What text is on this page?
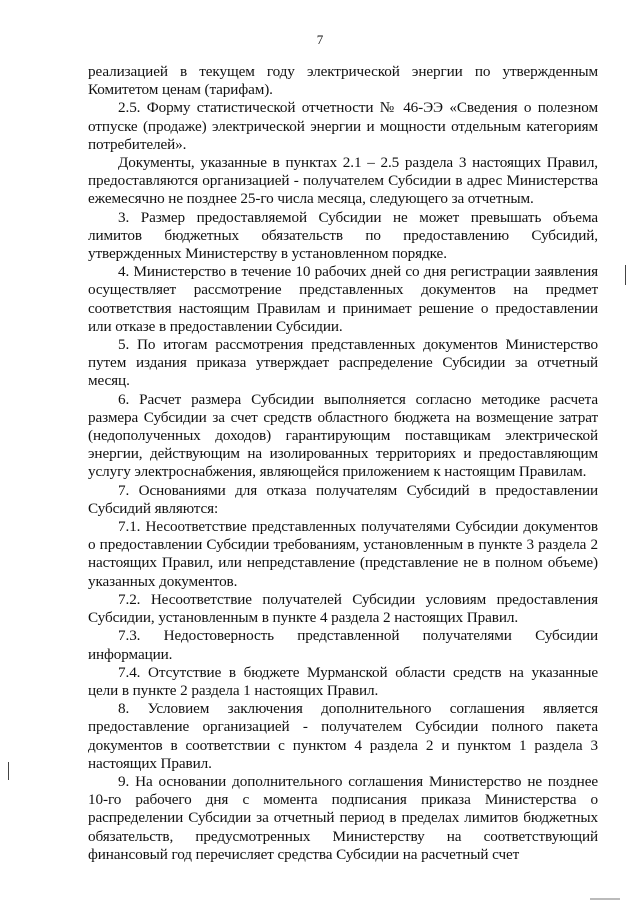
7

реализацией в текущем году электрической энергии по утвержденным Комитетом ценам (тарифам).

2.5. Форму статистической отчетности № 46-ЭЭ «Сведения о полезном отпуске (продаже) электрической энергии и мощности отдельным категориям потребителей».

Документы, указанные в пунктах 2.1 – 2.5 раздела 3 настоящих Правил, предоставляются организацией - получателем Субсидии в адрес Министерства ежемесячно не позднее 25-го числа месяца, следующего за отчетным.

3. Размер предоставляемой Субсидии не может превышать объема лимитов бюджетных обязательств по предоставлению Субсидий, утвержденных Министерству в установленном порядке.

4. Министерство в течение 10 рабочих дней со дня регистрации заявления осуществляет рассмотрение представленных документов на предмет соответствия настоящим Правилам и принимает решение о предоставлении или отказе в предоставлении Субсидии.

5. По итогам рассмотрения представленных документов Министерство путем издания приказа утверждает распределение Субсидии за отчетный месяц.

6. Расчет размера Субсидии выполняется согласно методике расчета размера Субсидии за счет средств областного бюджета на возмещение затрат (недополученных доходов) гарантирующим поставщикам электрической энергии, действующим на изолированных территориях и предоставляющим услугу электроснабжения, являющейся приложением к настоящим Правилам.

7. Основаниями для отказа получателям Субсидий в предоставлении Субсидий являются:

7.1. Несоответствие представленных получателями Субсидии документов о предоставлении Субсидии требованиям, установленным в пункте 3 раздела 2 настоящих Правил, или непредставление (представление не в полном объеме) указанных документов.

7.2. Несоответствие получателей Субсидии условиям предоставления Субсидии, установленным в пункте 4 раздела 2 настоящих Правил.

7.3. Недостоверность представленной получателями Субсидии информации.

7.4. Отсутствие в бюджете Мурманской области средств на указанные цели в пункте 2 раздела 1 настоящих Правил.

8. Условием заключения дополнительного соглашения является предоставление организацией - получателем Субсидии полного пакета документов в соответствии с пунктом 4 раздела 2 и пунктом 1 раздела 3 настоящих Правил.

9. На основании дополнительного соглашения Министерство не позднее 10-го рабочего дня с момента подписания приказа Министерства о распределении Субсидии за отчетный период в пределах лимитов бюджетных обязательств, предусмотренных Министерству на соответствующий финансовый год перечисляет средства Субсидии на расчетный счет
